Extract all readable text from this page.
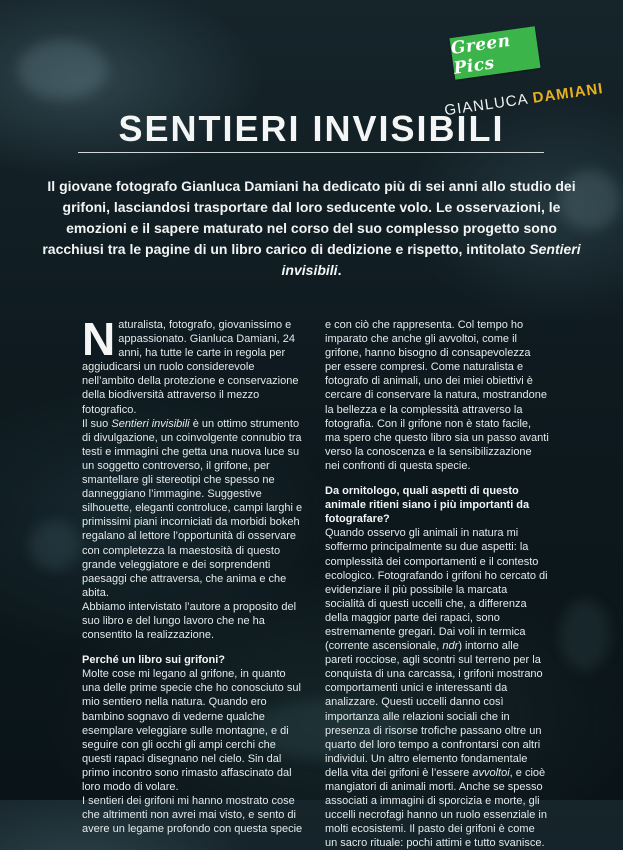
Green Pics
GIANLUCA DAMIANI
SENTIERI INVISIBILI

Il giovane fotografo Gianluca Damiani ha dedicato più di sei anni allo studio dei grifoni, lasciandosi trasportare dal loro seducente volo. Le osservazioni, le emozioni e il sapere maturato nel corso del suo complesso progetto sono racchiusi tra le pagine di un libro carico di dedizione e rispetto, intitolato Sentieri invisibili.

Naturalista, fotografo, giovanissimo e appassionato. Gianluca Damiani, 24 anni, ha tutte le carte in regola per aggiudicarsi un ruolo considerevole nell’ambito della protezione e conservazione della biodiversità attraverso il mezzo fotografico.

Il suo Sentieri invisibili è un ottimo strumento di divulgazione, un coinvolgente connubio tra testi e immagini che getta una nuova luce su un soggetto controverso, il grifone, per smantellare gli stereotipi che spesso ne danneggiano l’immagine. Suggestive silhouette, eleganti controluce, campi larghi e primissimi piani incorniciati da morbidi bokeh regalano al lettore l’opportunità di osservare con completezza la maestosità di questo grande veleggiatore e dei sorprendenti paesaggi che attraversa, che anima e che abita.

Abbiamo intervistato l’autore a proposito del suo libro e del lungo lavoro che ne ha consentito la realizzazione.

Perché un libro sui grifoni?

Molte cose mi legano al grifone, in quanto una delle prime specie che ho conosciuto sul mio sentiero nella natura. Quando ero bambino sognavo di vederne qualche esemplare veleggiare sulle montagne, e di seguire con gli occhi gli ampi cerchi che questi rapaci disegnano nel cielo. Sin dal primo incontro sono rimasto affascinato dal loro modo di volare.

I sentieri dei grifoni mi hanno mostrato cose che altrimenti non avrei mai visto, e sento di avere un legame profondo con questa specie

e con ciò che rappresenta. Col tempo ho imparato che anche gli avvoltoi, come il grifone, hanno bisogno di consapevolezza per essere compresi. Come naturalista e fotografo di animali, uno dei miei obiettivi è cercare di conservare la natura, mostrandone la bellezza e la complessità attraverso la fotografia. Con il grifone non è stato facile, ma spero che questo libro sia un passo avanti verso la conoscenza e la sensibilizzazione nei confronti di questa specie.

Da ornitologo, quali aspetti di questo animale ritieni siano i più importanti da fotografare?

Quando osservo gli animali in natura mi soffermo principalmente su due aspetti: la complessità dei comportamenti e il contesto ecologico. Fotografando i grifoni ho cercato di evidenziare il più possibile la marcata socialità di questi uccelli che, a differenza della maggior parte dei rapaci, sono estremamente gregari. Dai voli in termica (corrente ascensionale, ndr) intorno alle pareti rocciose, agli scontri sul terreno per la conquista di una carcassa, i grifoni mostrano comportamenti unici e interessanti da analizzare. Questi uccelli danno così importanza alle relazioni sociali che in presenza di risorse trofiche passano oltre un quarto del loro tempo a confrontarsi con altri individui. Un altro elemento fondamentale della vita dei grifoni è l’essere avvoltoi, e cioè mangiatori di animali morti. Anche se spesso associati a immagini di sporcizia e morte, gli uccelli necrofagi hanno un ruolo essenziale in molti ecosistemi. Il pasto dei grifoni è come un sacro rituale: pochi attimi e tutto svanisce.
